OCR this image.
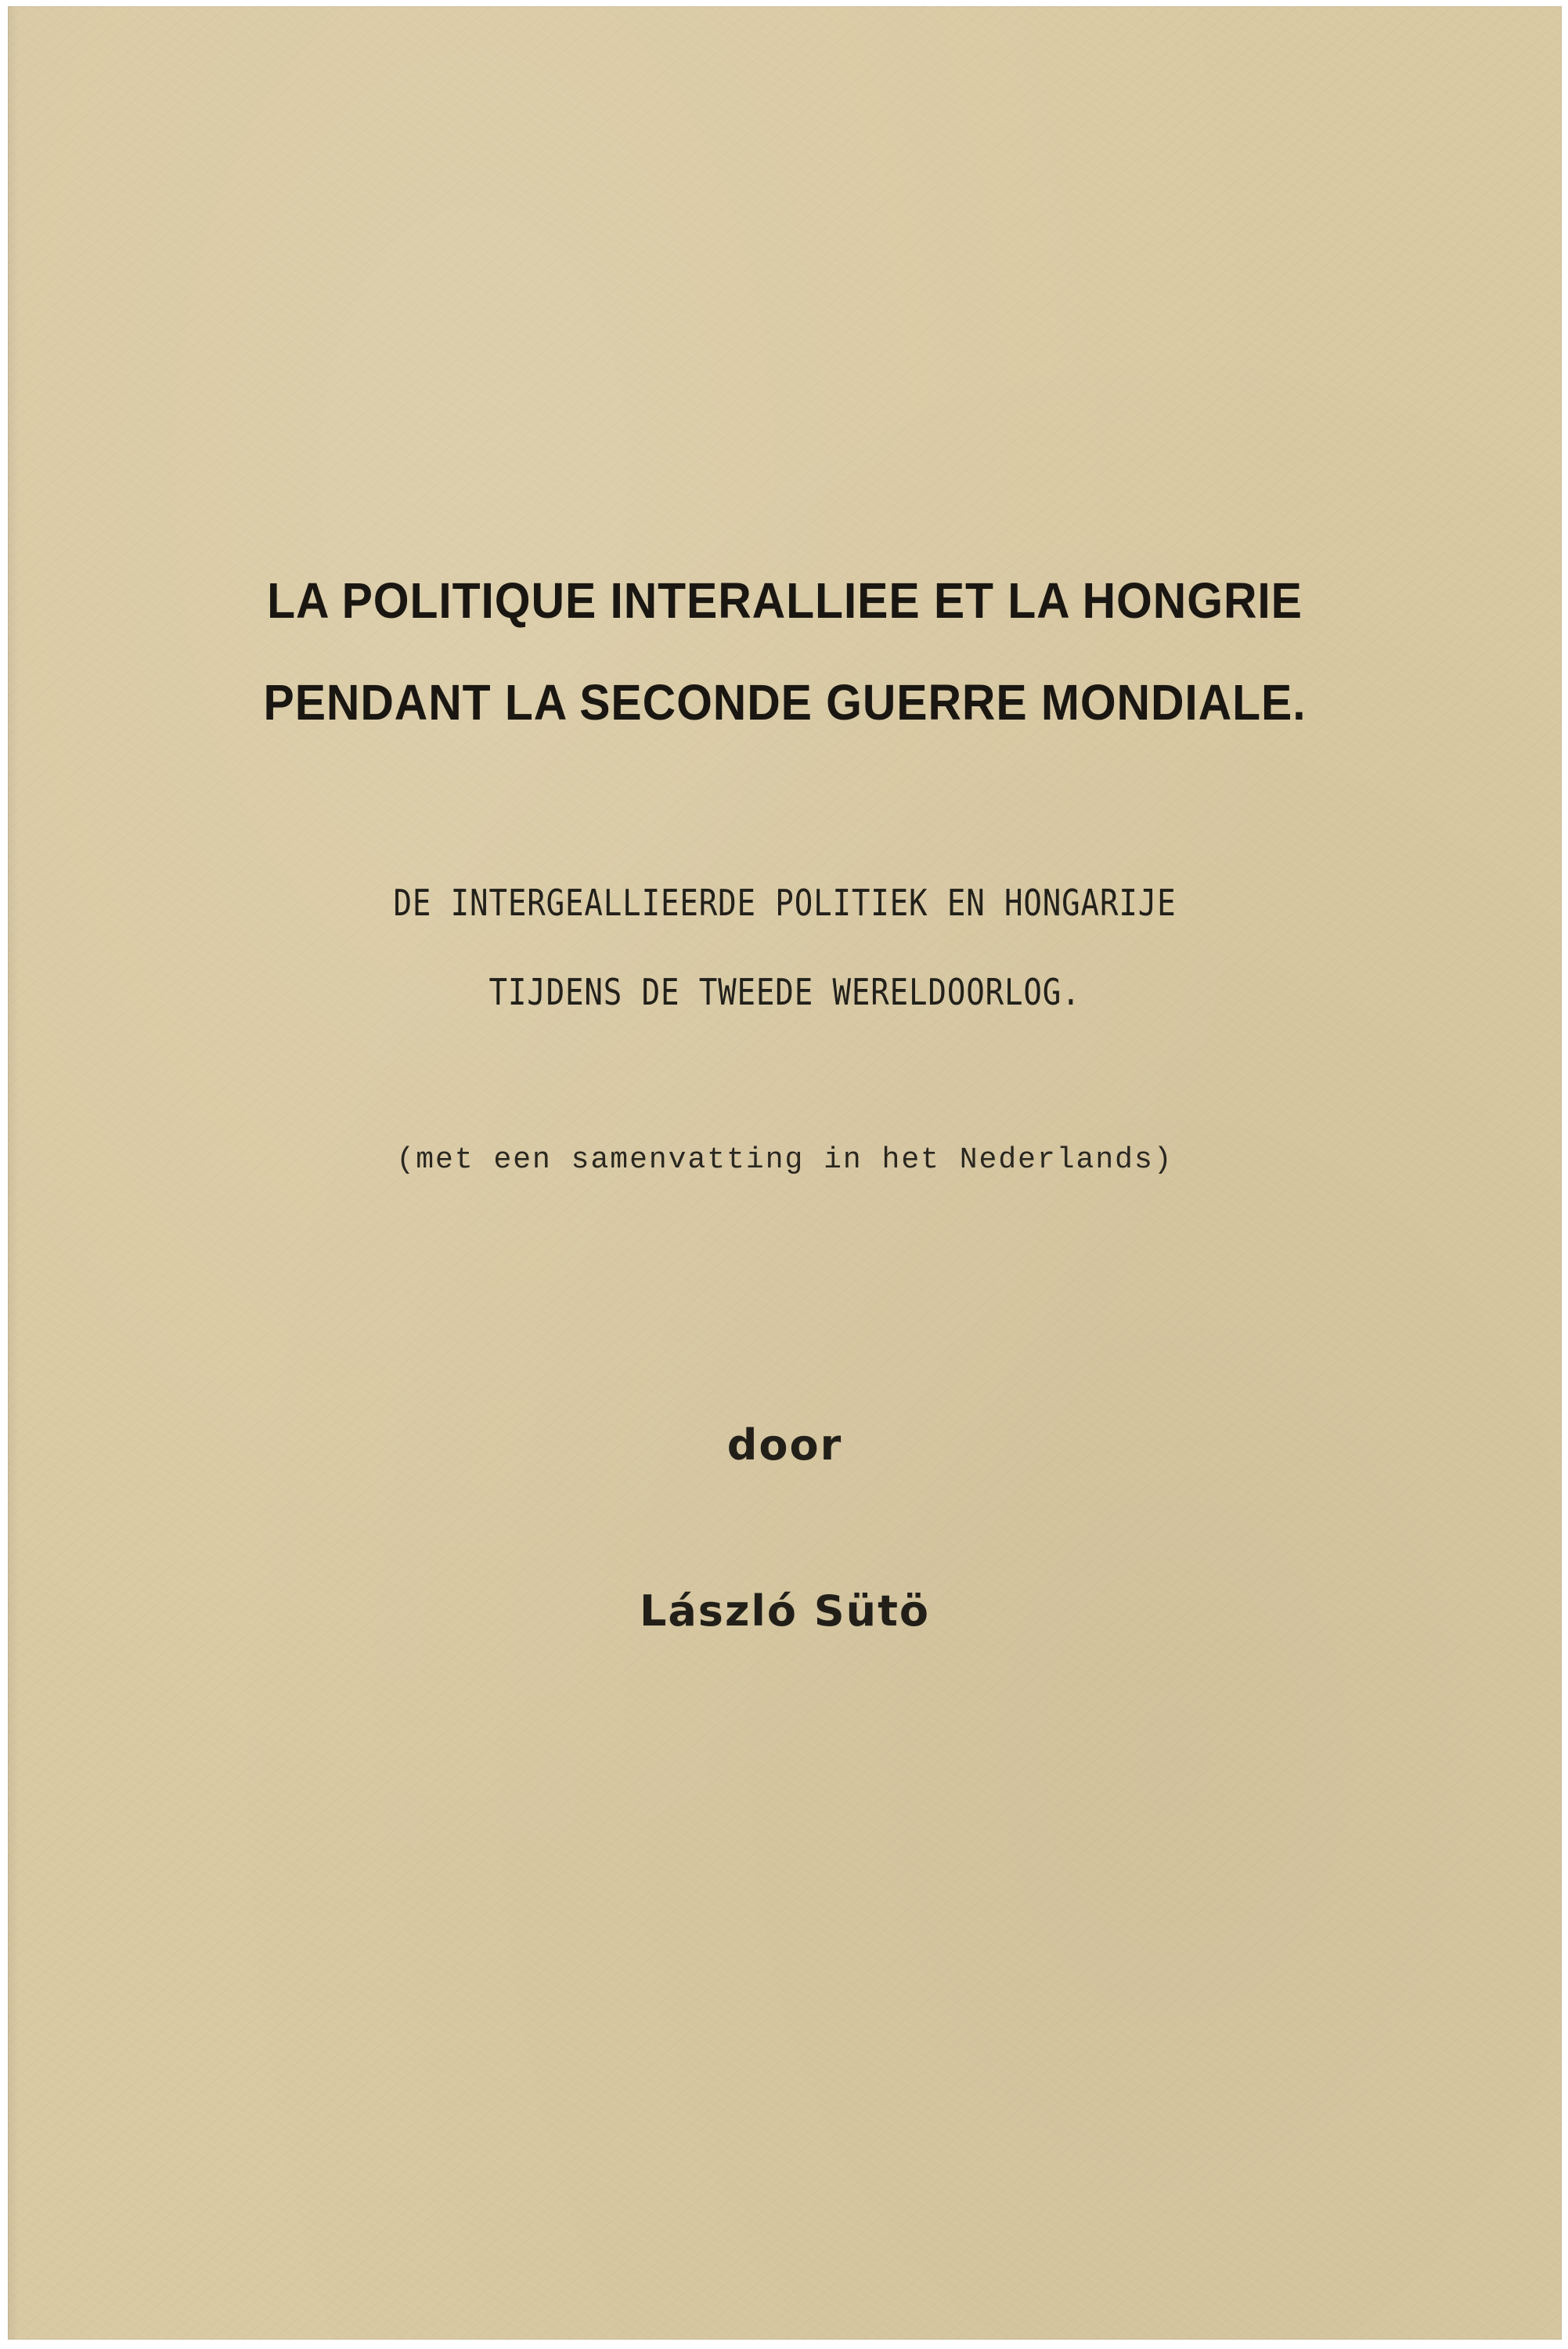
LA POLITIQUE INTERALLIEE ET LA HONGRIE
PENDANT LA SECONDE GUERRE MONDIALE.
DE INTERGEALLIEERDE POLITIEK EN HONGARIJE
TIJDENS DE TWEEDE WERELDOORLOG.
(met een samenvatting in het Nederlands)
door
László Sütö
